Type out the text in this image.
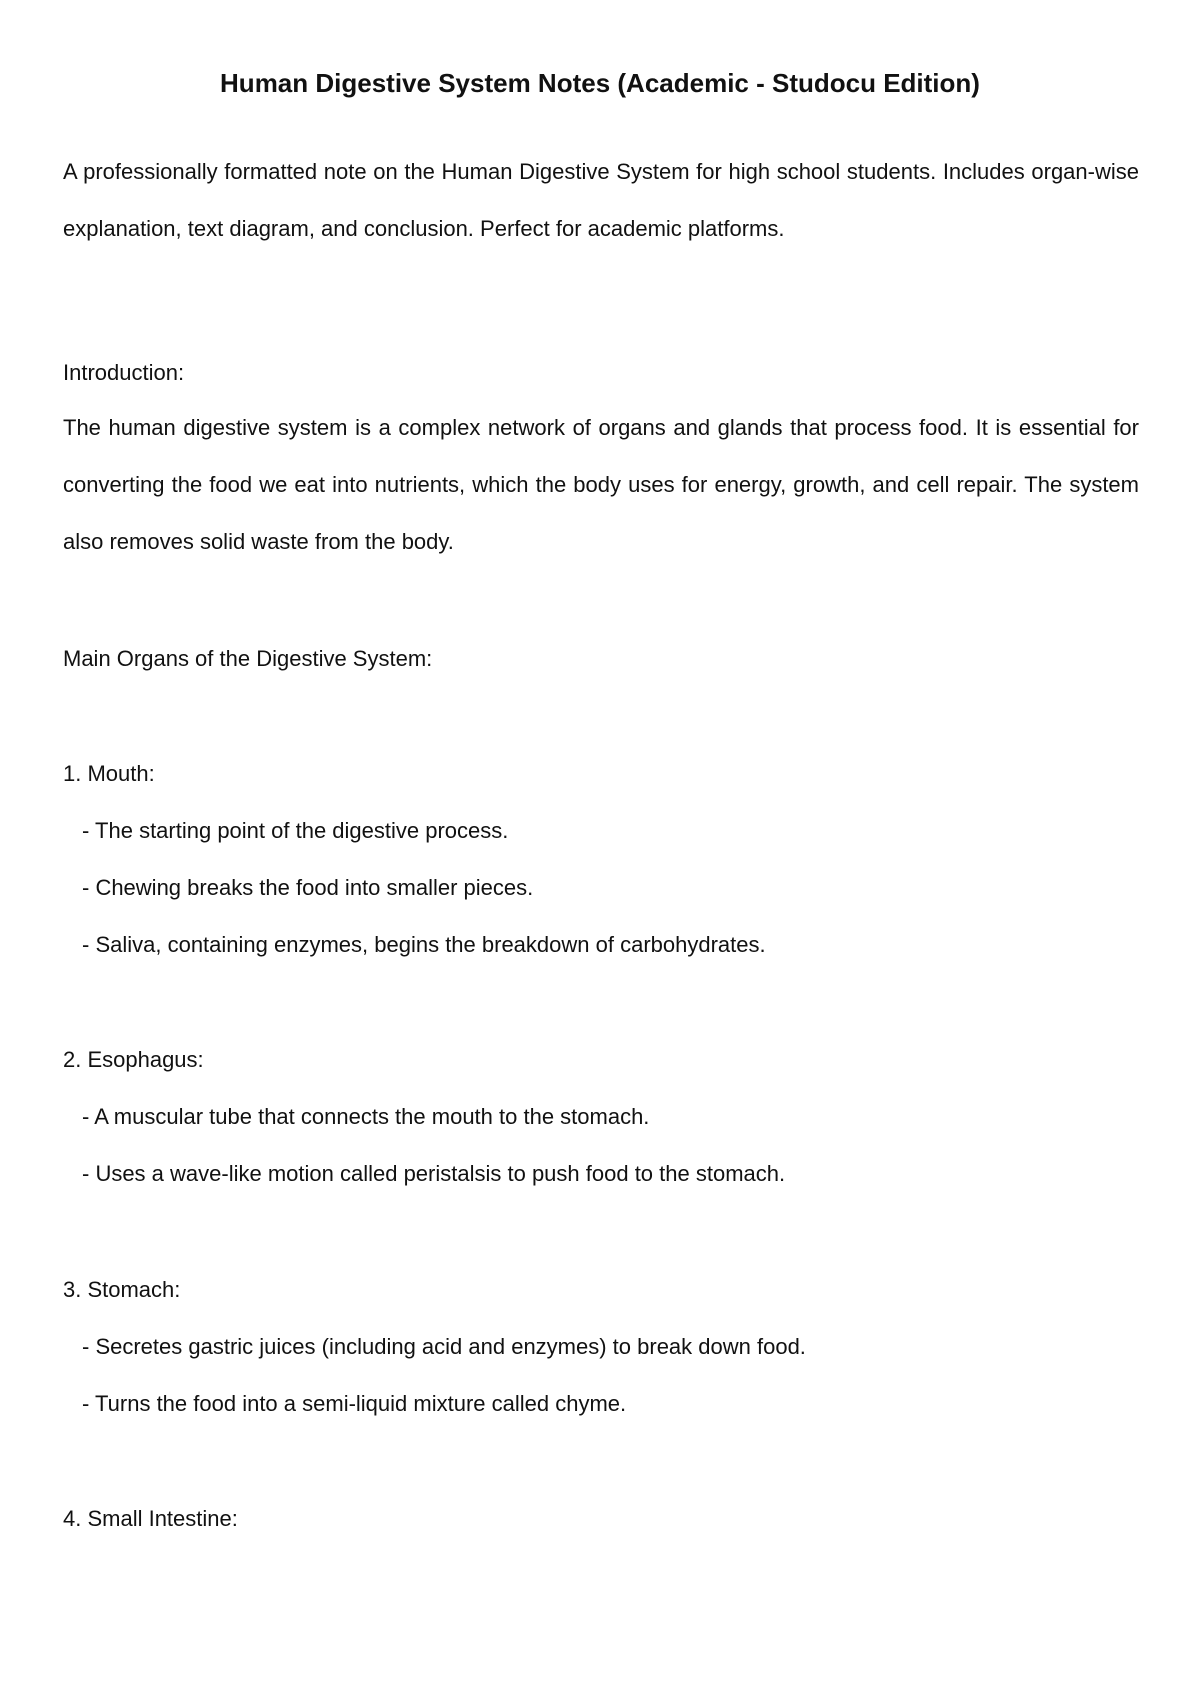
Human Digestive System Notes (Academic - Studocu Edition)

A professionally formatted note on the Human Digestive System for high school students. Includes organ-wise explanation, text diagram, and conclusion. Perfect for academic platforms.

Introduction:

The human digestive system is a complex network of organs and glands that process food. It is essential for converting the food we eat into nutrients, which the body uses for energy, growth, and cell repair. The system also removes solid waste from the body.

Main Organs of the Digestive System:

1. Mouth:

- The starting point of the digestive process.

- Chewing breaks the food into smaller pieces.

- Saliva, containing enzymes, begins the breakdown of carbohydrates.

2. Esophagus:

- A muscular tube that connects the mouth to the stomach.

- Uses a wave-like motion called peristalsis to push food to the stomach.

3. Stomach:

- Secretes gastric juices (including acid and enzymes) to break down food.

- Turns the food into a semi-liquid mixture called chyme.

4. Small Intestine:
